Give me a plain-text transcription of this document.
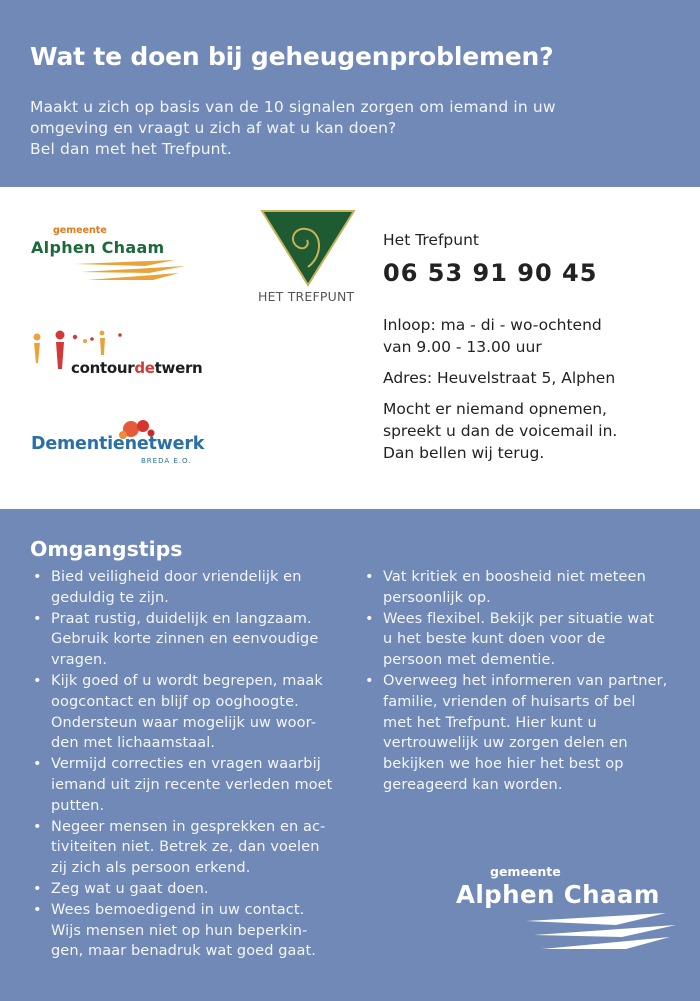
Wat te doen bij geheugenproblemen?
Maakt u zich op basis van de 10 signalen zorgen om iemand in uw
omgeving en vraagt u zich af wat u kan doen?
Bel dan met het Trefpunt.
gemeente
Alphen Chaam
HET TREFPUNT
contourdetwern
Dementienetwerk
BREDA E.O.
Het Trefpunt
06 53 91 90 45
Inloop: ma - di - wo-ochtend
van 9.00 - 13.00 uur
Adres: Heuvelstraat 5, Alphen
Mocht er niemand opnemen,
spreekt u dan de voicemail in.
Dan bellen wij terug.
Omgangstips
• Bied veiligheid door vriendelijk en
geduldig te zijn.
• Praat rustig, duidelijk en langzaam.
Gebruik korte zinnen en eenvoudige
vragen.
• Kijk goed of u wordt begrepen, maak
oogcontact en blijf op ooghoogte.
Ondersteun waar mogelijk uw woor-
den met lichaamstaal.
• Vermijd correcties en vragen waarbij
iemand uit zijn recente verleden moet
putten.
• Negeer mensen in gesprekken en ac-
tiviteiten niet. Betrek ze, dan voelen
zij zich als persoon erkend.
• Zeg wat u gaat doen.
• Wees bemoedigend in uw contact.
Wijs mensen niet op hun beperkin-
gen, maar benadruk wat goed gaat.
• Vat kritiek en boosheid niet meteen
persoonlijk op.
• Wees flexibel. Bekijk per situatie wat
u het beste kunt doen voor de
persoon met dementie.
• Overweeg het informeren van partner,
familie, vrienden of huisarts of bel
met het Trefpunt. Hier kunt u
vertrouwelijk uw zorgen delen en
bekijken we hoe hier het best op
gereageerd kan worden.
gemeente
Alphen Chaam
